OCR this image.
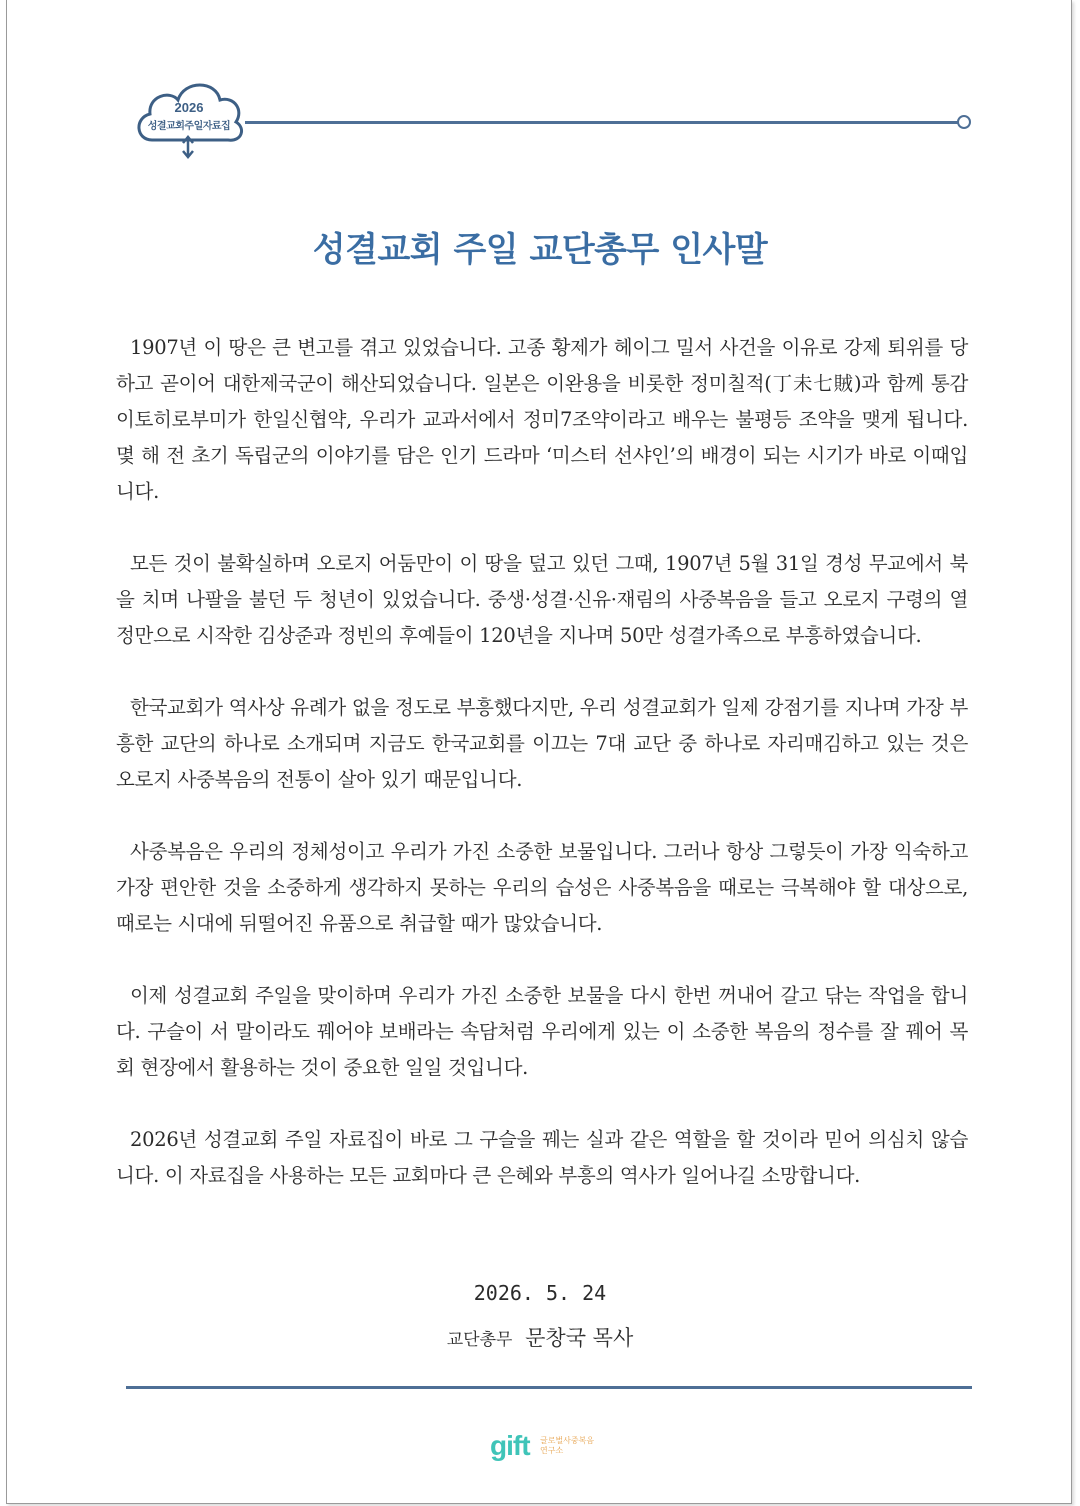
2026
성결교회주일자료집
성결교회 주일 교단총무 인사말

1907년 이 땅은 큰 변고를 겪고 있었습니다. 고종 황제가 헤이그 밀서 사건을 이유로 강제 퇴위를 당하고 곧이어 대한제국군이 해산되었습니다. 일본은 이완용을 비롯한 정미칠적(丁未七賊)과 함께 통감 이토히로부미가 한일신협약, 우리가 교과서에서 정미7조약이라고 배우는 불평등 조약을 맺게 됩니다. 몇 해 전 초기 독립군의 이야기를 담은 인기 드라마 ‘미스터 선샤인’의 배경이 되는 시기가 바로 이때입니다.

모든 것이 불확실하며 오로지 어둠만이 이 땅을 덮고 있던 그때, 1907년 5월 31일 경성 무교에서 북을 치며 나팔을 불던 두 청년이 있었습니다. 중생·성결·신유·재림의 사중복음을 들고 오로지 구령의 열정만으로 시작한 김상준과 정빈의 후예들이 120년을 지나며 50만 성결가족으로 부흥하였습니다.

한국교회가 역사상 유례가 없을 정도로 부흥했다지만, 우리 성결교회가 일제 강점기를 지나며 가장 부흥한 교단의 하나로 소개되며 지금도 한국교회를 이끄는 7대 교단 중 하나로 자리매김하고 있는 것은 오로지 사중복음의 전통이 살아 있기 때문입니다.

사중복음은 우리의 정체성이고 우리가 가진 소중한 보물입니다. 그러나 항상 그렇듯이 가장 익숙하고 가장 편안한 것을 소중하게 생각하지 못하는 우리의 습성은 사중복음을 때로는 극복해야 할 대상으로, 때로는 시대에 뒤떨어진 유품으로 취급할 때가 많았습니다.

이제 성결교회 주일을 맞이하며 우리가 가진 소중한 보물을 다시 한번 꺼내어 갈고 닦는 작업을 합니다. 구슬이 서 말이라도 꿰어야 보배라는 속담처럼 우리에게 있는 이 소중한 복음의 정수를 잘 꿰어 목회 현장에서 활용하는 것이 중요한 일일 것입니다.

2026년 성결교회 주일 자료집이 바로 그 구슬을 꿰는 실과 같은 역할을 할 것이라 믿어 의심치 않습니다. 이 자료집을 사용하는 모든 교회마다 큰 은혜와 부흥의 역사가 일어나길 소망합니다.

2026. 5. 24
교단총무 문창국 목사
gift 글로벌사중복음연구소
